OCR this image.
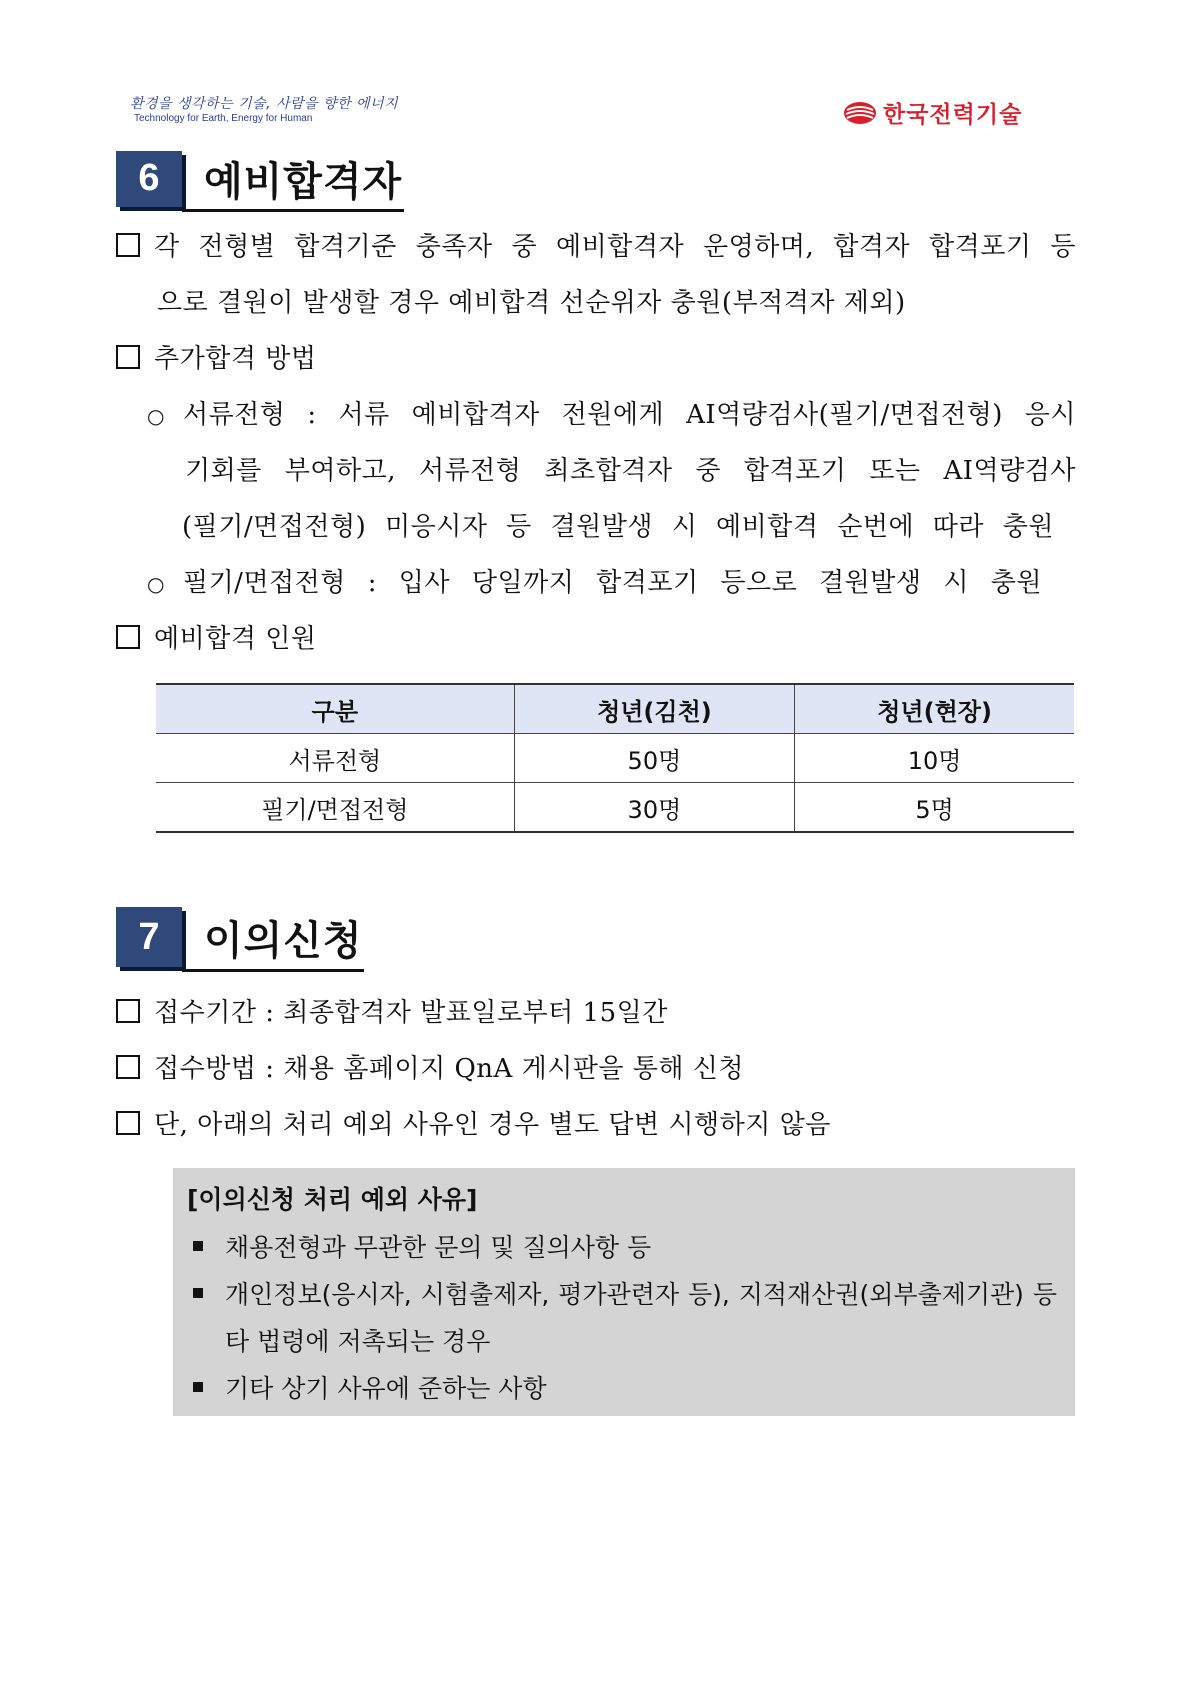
환경을 생각하는 기술, 사람을 향한 에너지
Technology for Earth, Energy for Human	한국전력기술
6	예비합격자
각 전형별 합격기준 충족자 중 예비합격자 운영하며, 합격자 합격포기 등
으로 결원이 발생할 경우 예비합격 선순위자 충원(부적격자 제외)
추가합격 방법
○ 서류전형 : 서류 예비합격자 전원에게 AI역량검사(필기/면접전형) 응시
기회를 부여하고, 서류전형 최초합격자 중 합격포기 또는 AI역량검사
(필기/면접전형) 미응시자 등 결원발생 시 예비합격 순번에 따라 충원
○ 필기/면접전형 : 입사 당일까지 합격포기 등으로 결원발생 시 충원
예비합격 인원
구분	청년(김천)	청년(현장)
서류전형	50명	10명
필기/면접전형	30명	5명
7	이의신청
접수기간 : 최종합격자 발표일로부터 15일간
접수방법 : 채용 홈페이지 QnA 게시판을 통해 신청
단, 아래의 처리 예외 사유인 경우 별도 답변 시행하지 않음
[이의신청 처리 예외 사유]
채용전형과 무관한 문의 및 질의사항 등
개인정보(응시자, 시험출제자, 평가관련자 등), 지적재산권(외부출제기관) 등
타 법령에 저촉되는 경우
기타 상기 사유에 준하는 사항
